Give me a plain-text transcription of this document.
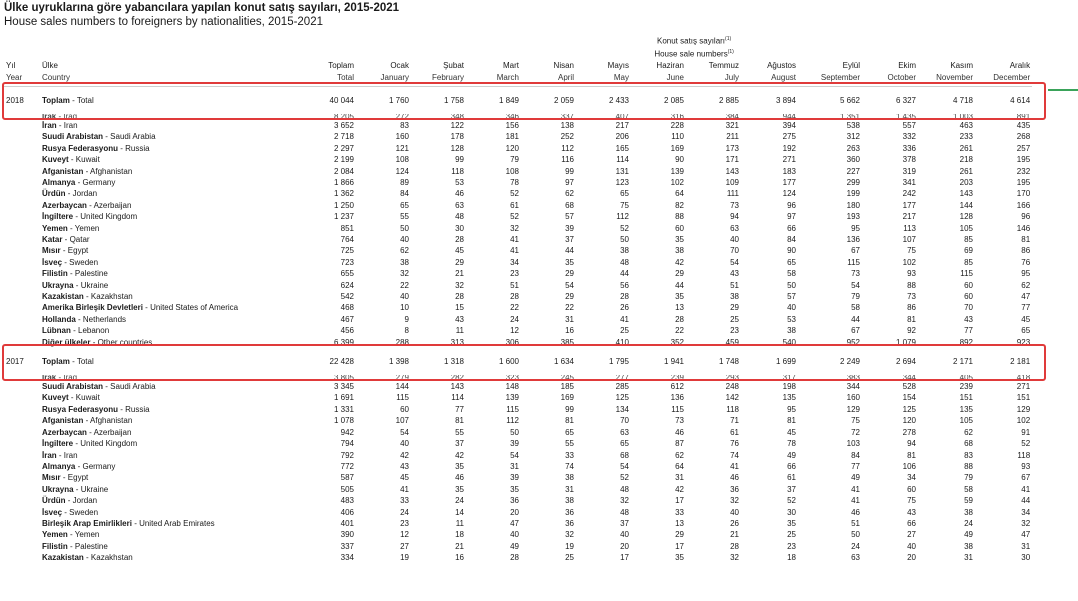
Ülke uyruklarına göre yabancılara yapılan konut satış sayıları, 2015-2021
House sales numbers to foreigners by nationalities, 2015-2021
			Konut satış sayıları$^{(1)}$
			House sale numbers$^{(1)}$
Yıl	Ülke	Toplam	Ocak	Şubat	Mart	Nisan	Mayıs	Haziran	Temmuz	Ağustos	Eylül	Ekim	Kasım	Aralık
Year	Country	Total	January	February	March	April	May	June	July	August	September	October	November	December

2018	Toplam - Total	40 044	1 760	1 758	1 849	2 059	2 433	2 085	2 885	3 894	5 662	6 327	4 718	4 614
	Irak - Iraq	8 205	272	348	346	337	407	316	384	944	1 351	1 435	1 003	891
	İran - Iran	3 652	83	122	156	138	217	228	321	394	538	557	463	435
	Suudi Arabistan - Saudi Arabia	2 718	160	178	181	252	206	110	211	275	312	332	233	268
	Rusya Federasyonu - Russia	2 297	121	128	120	112	165	169	173	192	263	336	261	257
	Kuveyt - Kuwait	2 199	108	99	79	116	114	90	171	271	360	378	218	195
	Afganistan - Afghanistan	2 084	124	118	108	99	131	139	143	183	227	319	261	232
	Almanya - Germany	1 866	89	53	78	97	123	102	109	177	299	341	203	195
	Ürdün - Jordan	1 362	84	46	52	62	65	64	111	124	199	242	143	170
	Azerbaycan - Azerbaijan	1 250	65	63	61	68	75	82	73	96	180	177	144	166
	İngiltere - United Kingdom	1 237	55	48	52	57	112	88	94	97	193	217	128	96
	Yemen - Yemen	851	50	30	32	39	52	60	63	66	95	113	105	146
	Katar - Qatar	764	40	28	41	37	50	35	40	84	136	107	85	81
	Mısır - Egypt	725	62	45	41	44	38	38	70	90	67	75	69	86
	İsveç - Sweden	723	38	29	34	35	48	42	54	65	115	102	85	76
	Filistin - Palestine	655	32	21	23	29	44	29	43	58	73	93	115	95
	Ukrayna - Ukraine	624	22	32	51	54	56	44	51	50	54	88	60	62
	Kazakistan - Kazakhstan	542	40	28	28	29	28	35	38	57	79	73	60	47
	Amerika Birleşik Devletleri - United States of America	468	10	15	22	22	26	13	29	40	58	86	70	77
	Hollanda - Netherlands	467	9	43	24	31	41	28	25	53	44	81	43	45
	Lübnan - Lebanon	456	8	11	12	16	25	22	23	38	67	92	77	65
	Diğer ülkeler - Other countries	6 399	288	313	306	385	410	352	459	540	952	1 079	892	923
2017	Toplam - Total	22 428	1 398	1 318	1 600	1 634	1 795	1 941	1 748	1 699	2 249	2 694	2 171	2 181
	Irak - Iraq	3 805	279	282	323	245	277	239	293	317	383	344	405	418
	Suudi Arabistan - Saudi Arabia	3 345	144	143	148	185	285	612	248	198	344	528	239	271
	Kuveyt - Kuwait	1 691	115	114	139	169	125	136	142	135	160	154	151	151
	Rusya Federasyonu - Russia	1 331	60	77	115	99	134	115	118	95	129	125	135	129
	Afganistan - Afghanistan	1 078	107	81	112	81	70	73	71	81	75	120	105	102
	Azerbaycan - Azerbaijan	942	54	55	50	65	63	46	61	45	72	278	62	91
	İngiltere - United Kingdom	794	40	37	39	55	65	87	76	78	103	94	68	52
	İran - Iran	792	42	42	54	33	68	62	74	49	84	81	83	118
	Almanya - Germany	772	43	35	31	74	54	64	41	66	77	106	88	93
	Mısır - Egypt	587	45	46	39	38	52	31	46	61	49	34	79	67
	Ukrayna - Ukraine	505	41	35	35	31	48	42	36	37	41	60	58	41
	Ürdün - Jordan	483	33	24	36	38	32	17	32	52	41	75	59	44
	İsveç - Sweden	406	24	14	20	36	48	33	40	30	46	43	38	34
	Birleşik Arap Emirlikleri - United Arab Emirates	401	23	11	47	36	37	13	26	35	51	66	24	32
	Yemen - Yemen	390	12	18	40	32	40	29	21	25	50	27	49	47
	Filistin - Palestine	337	27	21	49	19	20	17	28	23	24	40	38	31
	Kazakistan - Kazakhstan	334	19	16	28	25	17	35	32	18	63	20	31	30
